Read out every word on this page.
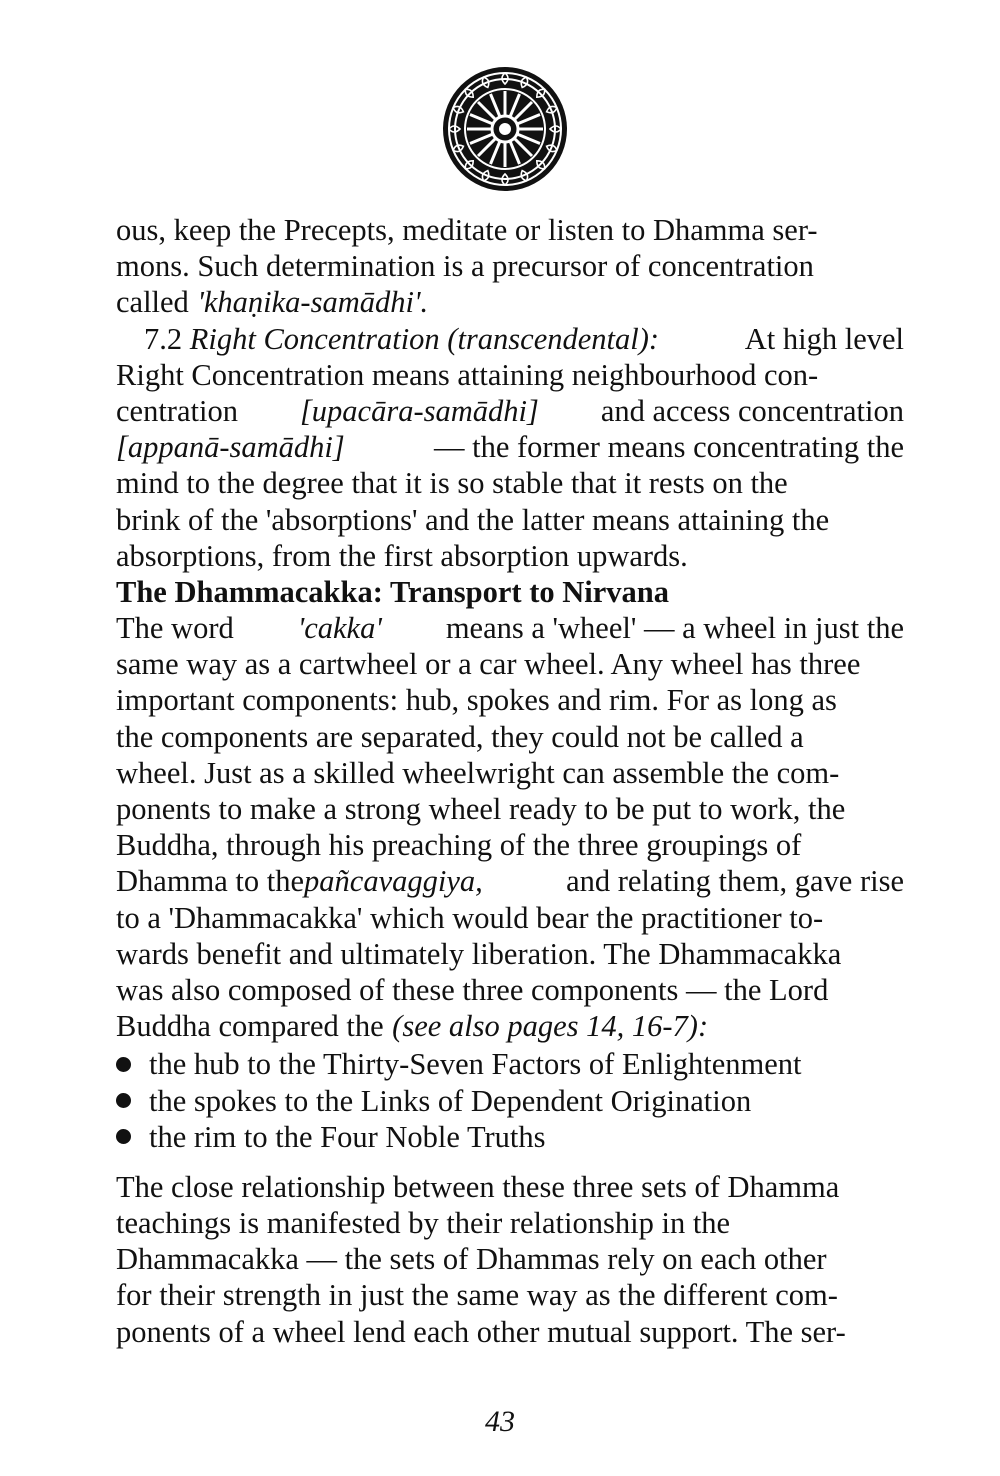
ous, keep the Precepts, meditate or listen to Dhamma ser-
mons. Such determination is a precursor of concentration
called 'khaṇika-samādhi'.
7.2 Right Concentration (transcendental):	At high level
Right Concentration means attaining neighbourhood con-
centration [upacāra-samādhi] and access concentration
[appanā-samādhi]	— the former means concentrating the
mind to the degree that it is so stable that it rests on the
brink of the 'absorptions' and the latter means attaining the
absorptions, from the first absorption upwards.
The Dhammacakka: Transport to Nirvana
The word 'cakka' means a 'wheel' — a wheel in just the
same way as a cartwheel or a car wheel. Any wheel has three
important components: hub, spokes and rim. For as long as
the components are separated, they could not be called a
wheel. Just as a skilled wheelwright can assemble the com-
ponents to make a strong wheel ready to be put to work, the
Buddha, through his preaching of the three groupings of
Dhamma to thepañcavaggiya,	and relating them, gave rise
to a 'Dhammacakka' which would bear the practitioner to-
wards benefit and ultimately liberation. The Dhammacakka
was also composed of these three components — the Lord
Buddha compared the (see also pages 14, 16-7):
the hub to the Thirty-Seven Factors of Enlightenment
the spokes to the Links of Dependent Origination
the rim to the Four Noble Truths
The close relationship between these three sets of Dhamma
teachings is manifested by their relationship in the
Dhammacakka — the sets of Dhammas rely on each other
for their strength in just the same way as the different com-
ponents of a wheel lend each other mutual support. The ser-
43
